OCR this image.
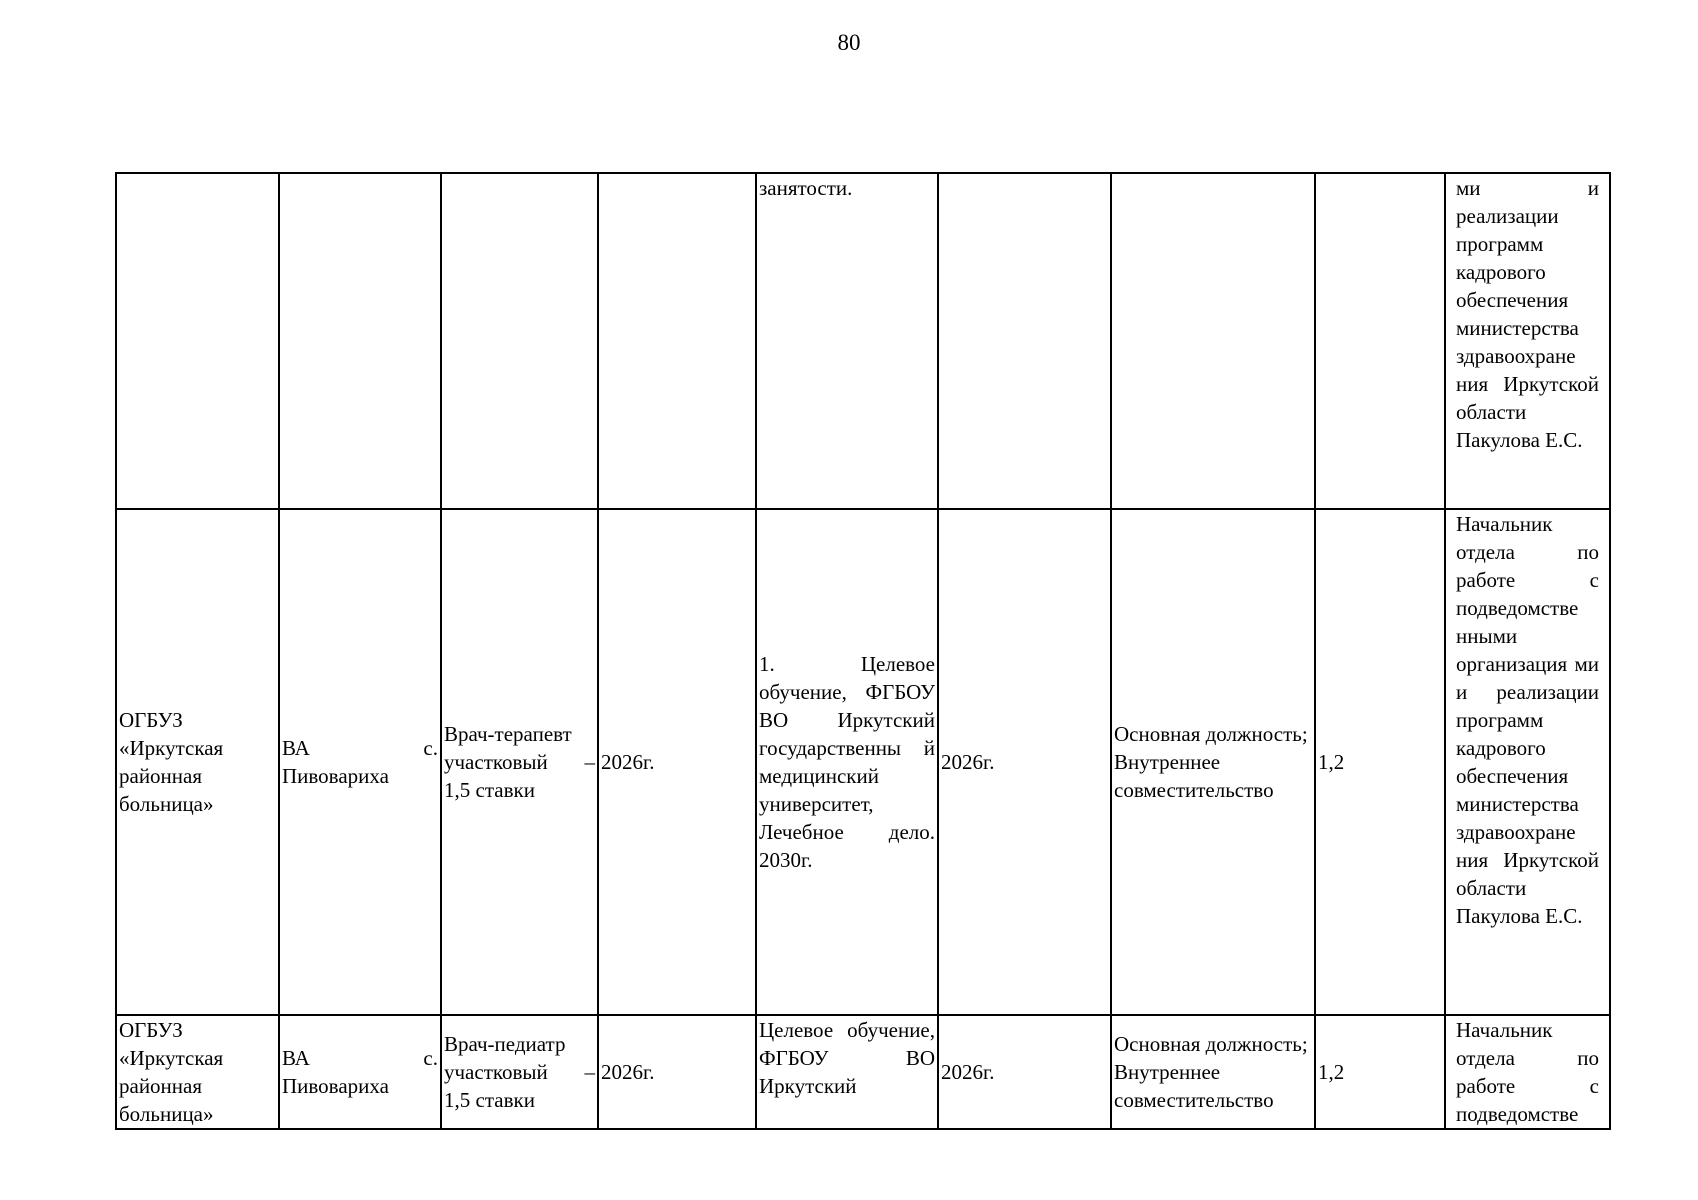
80
				занятости.				ми и реализации программ кадрового обеспечения министерства здравоохране ния Иркутской области Пакулова Е.С.
ОГБУЗ «Иркутская районная больница»	ВА с. Пивовариха	Врач-терапевт участковый – 1,5 ставки	2026г.	1. Целевое обучение, ФГБОУ ВО Иркутский государственны й медицинский университет, Лечебное дело. 2030г.	2026г.	Основная должность; Внутреннее совместительство	1,2	Начальник отдела по работе с подведомстве нными организация ми и реализации программ кадрового обеспечения министерства здравоохране ния Иркутской области Пакулова Е.С.
ОГБУЗ «Иркутская районная больница»	ВА с. Пивовариха	Врач-педиатр участковый – 1,5 ставки	2026г.	Целевое обучение, ФГБОУ ВО Иркутский	2026г.	Основная должность; Внутреннее совместительство	1,2	Начальник отдела по работе с подведомстве
